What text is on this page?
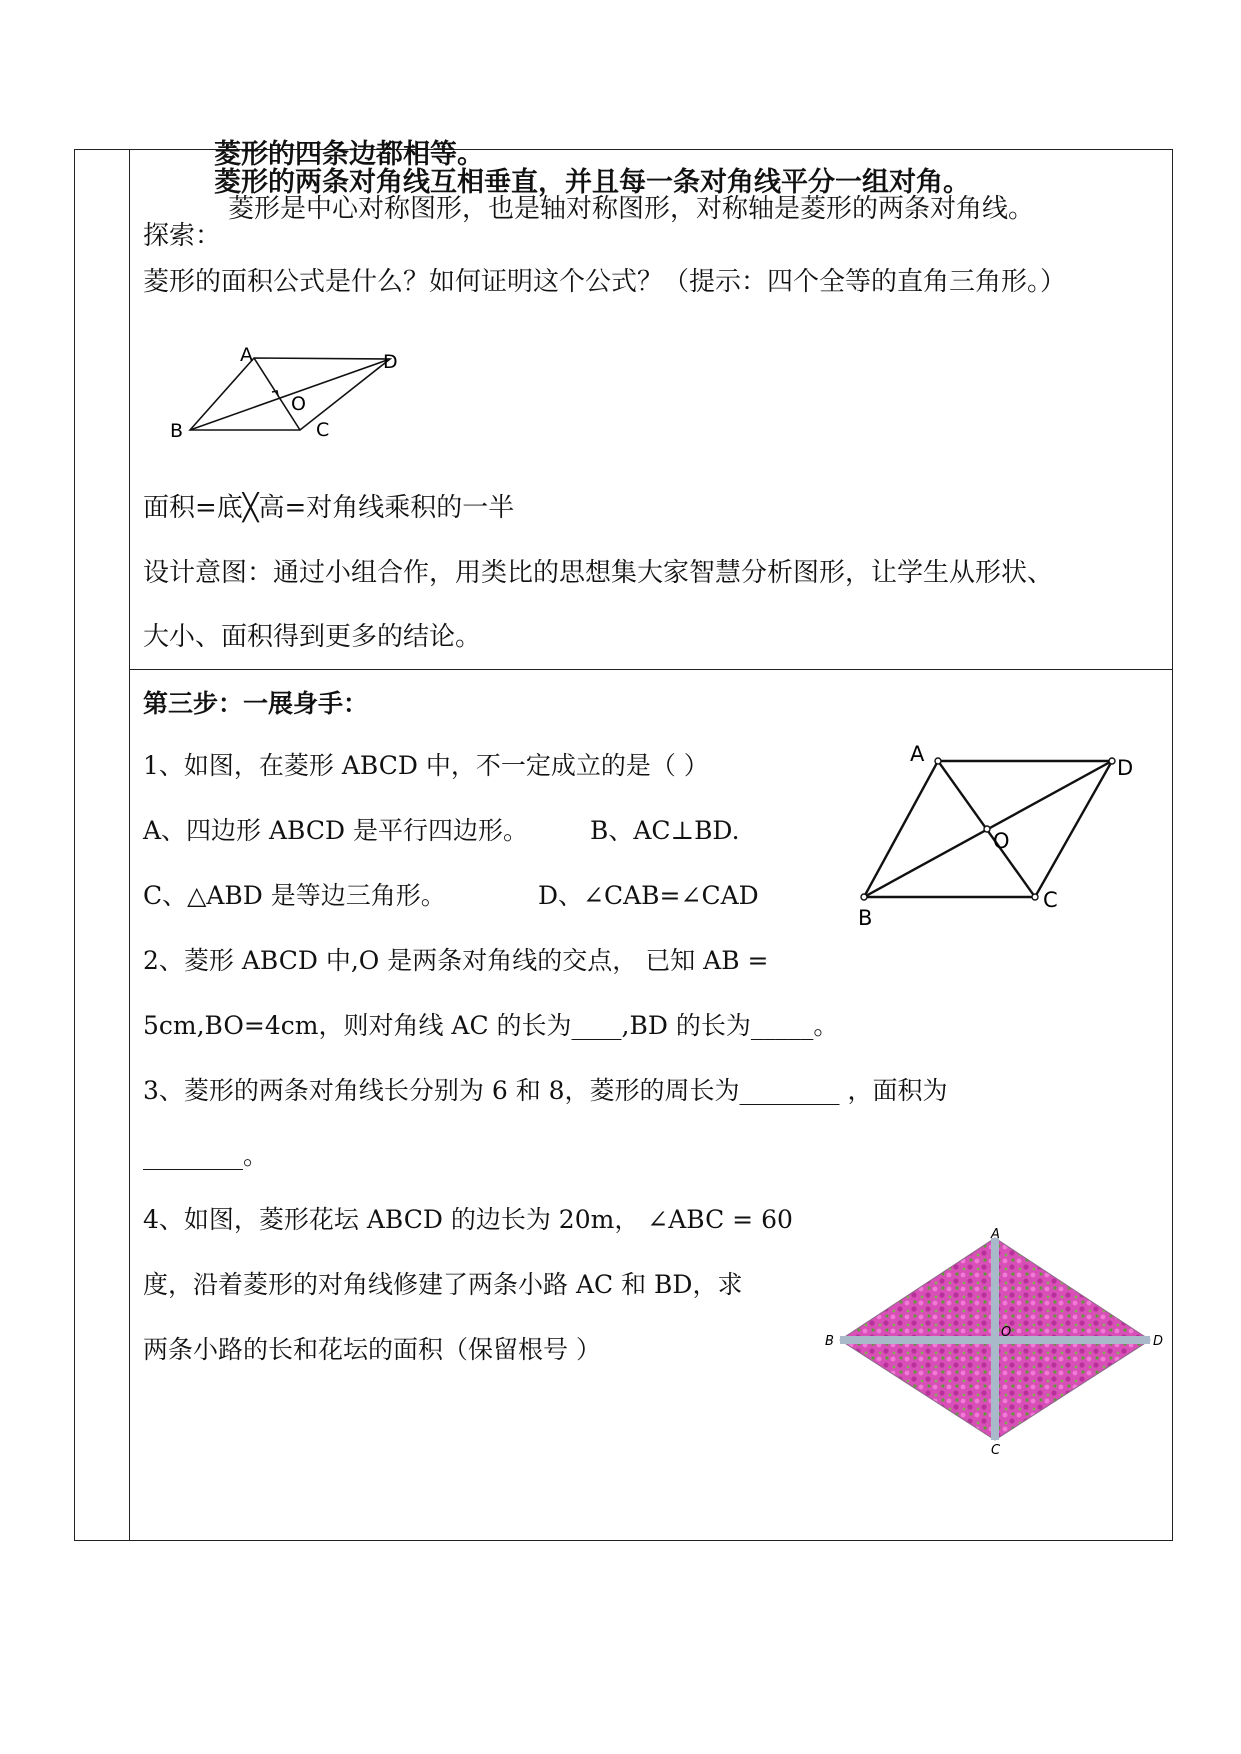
菱形的四条边都相等。
菱形的两条对角线互相垂直，并且每一条对角线平分一组对角。
菱形是中心对称图形，也是轴对称图形，对称轴是菱形的两条对角线。
探索：
菱形的面积公式是什么？如何证明这个公式？（提示：四个全等的直角三角形。）
A
B	C
D
O
面积=底╳高=对角线乘积的一半
设计意图：通过小组合作，用类比的思想集大家智慧分析图形，让学生从形状、
大小、面积得到更多的结论。
第三步：一展身手：
1、如图，在菱形 ABCD 中，不一定成立的是（ ）
A、四边形 ABCD 是平行四边形。 B、AC⊥BD.
C、△ABD 是等边三角形。	D、∠CAB=∠CAD
A
B
C
D
O
2、菱形 ABCD 中,O 是两条对角线的交点， 已知 AB =
5cm,BO=4cm，则对角线 AC 的长为____,BD 的长为_____。
3、菱形的两条对角线长分别为 6 和 8，菱形的周长为________ ，面积为
________。
4、如图，菱形花坛 ABCD 的边长为 20m， ∠ABC = 60
度，沿着菱形的对角线修建了两条小路 AC 和 BD，求
两条小路的长和花坛的面积（保留根号 ）
A
B
C
D
O
